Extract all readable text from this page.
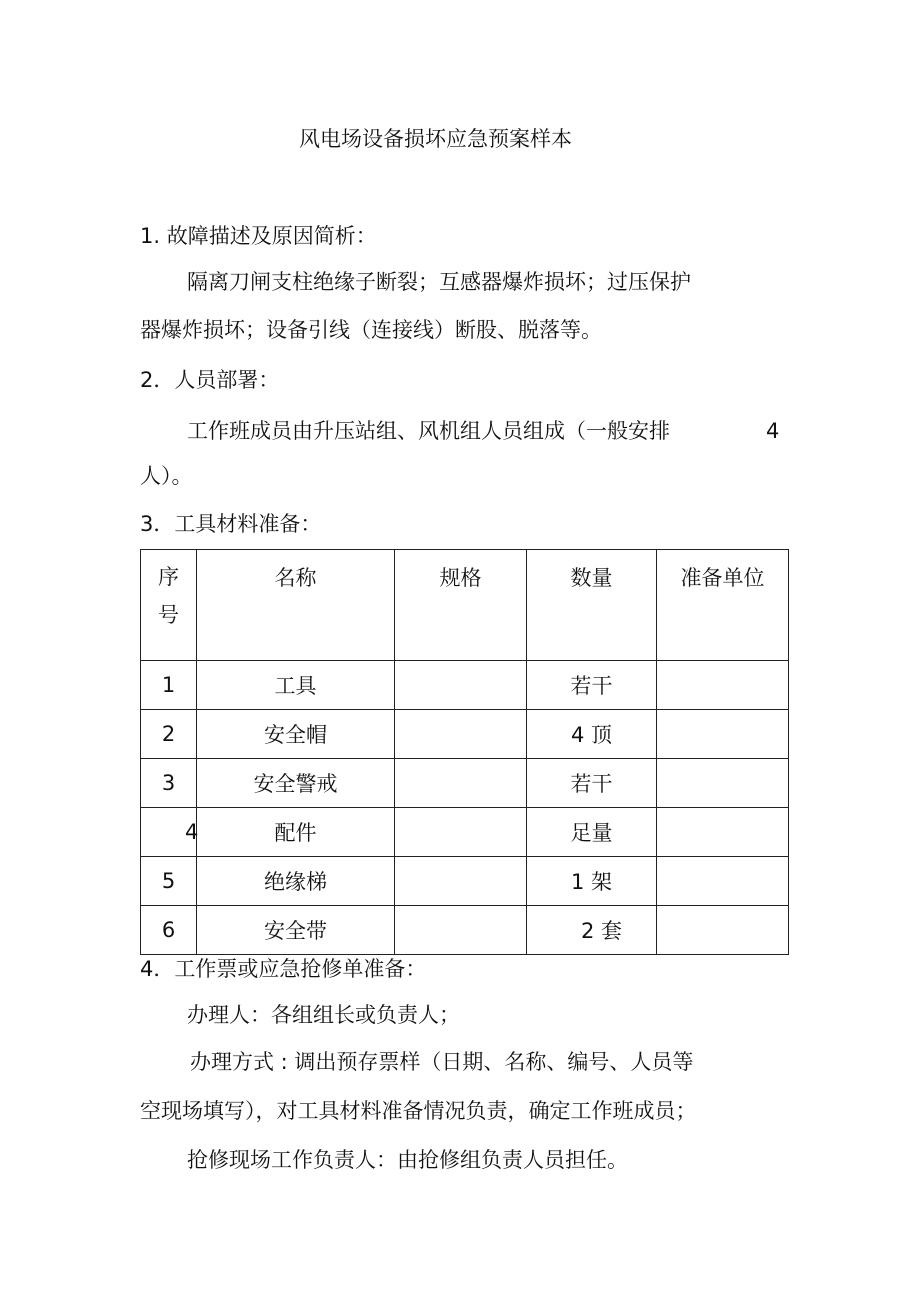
风电场设备损坏应急预案样本
1. 故障描述及原因简析：
隔离刀闸支柱绝缘子断裂；互感器爆炸损坏；过压保护
器爆炸损坏；设备引线（连接线）断股、脱落等。
2．人员部署：
工作班成员由升压站组、风机组人员组成（一般安排	4
人）。
3．工具材料准备：
序
号	名称	规格	数量	准备单位
1	工具		若干	
2	安全帽		4 顶	
3	安全警戒		若干	
4	配件		足量	
5	绝缘梯		1 架	
6	安全带		2 套	
4．工作票或应急抢修单准备：
办理人：各组组长或负责人；
办理方式 : 调出预存票样（日期、名称、编号、人员等
空现场填写），对工具材料准备情况负责，确定工作班成员；
抢修现场工作负责人：由抢修组负责人员担任。
